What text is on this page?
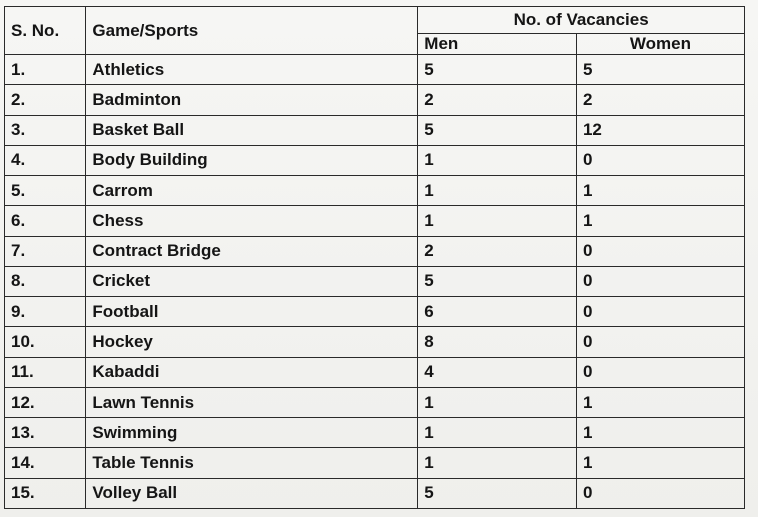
S. No.	Game/Sports	No. of Vacancies	
		Men	Women
1.	Athletics	5	5
2.	Badminton	2	2
3.	Basket Ball	5	12
4.	Body Building	1	0
5.	Carrom	1	1
6.	Chess	1	1
7.	Contract Bridge	2	0
8.	Cricket	5	0
9.	Football	6	0
10.	Hockey	8	0
11.	Kabaddi	4	0
12.	Lawn Tennis	1	1
13.	Swimming	1	1
14.	Table Tennis	1	1
15.	Volley Ball	5	0
